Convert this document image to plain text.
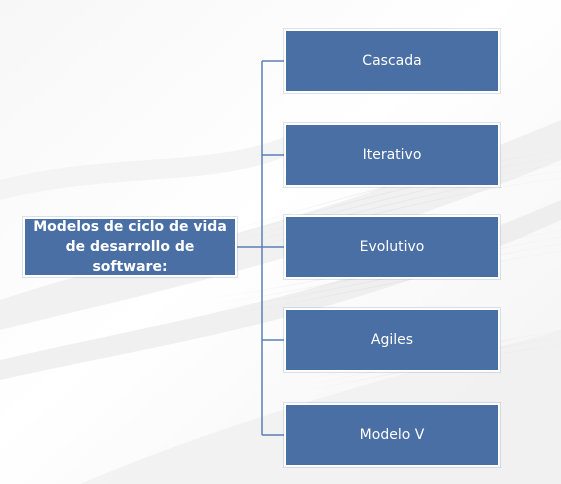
Modelos de ciclo de vida
de desarrollo de software:
Cascada
Iterativo
Evolutivo
Agiles
Modelo V
